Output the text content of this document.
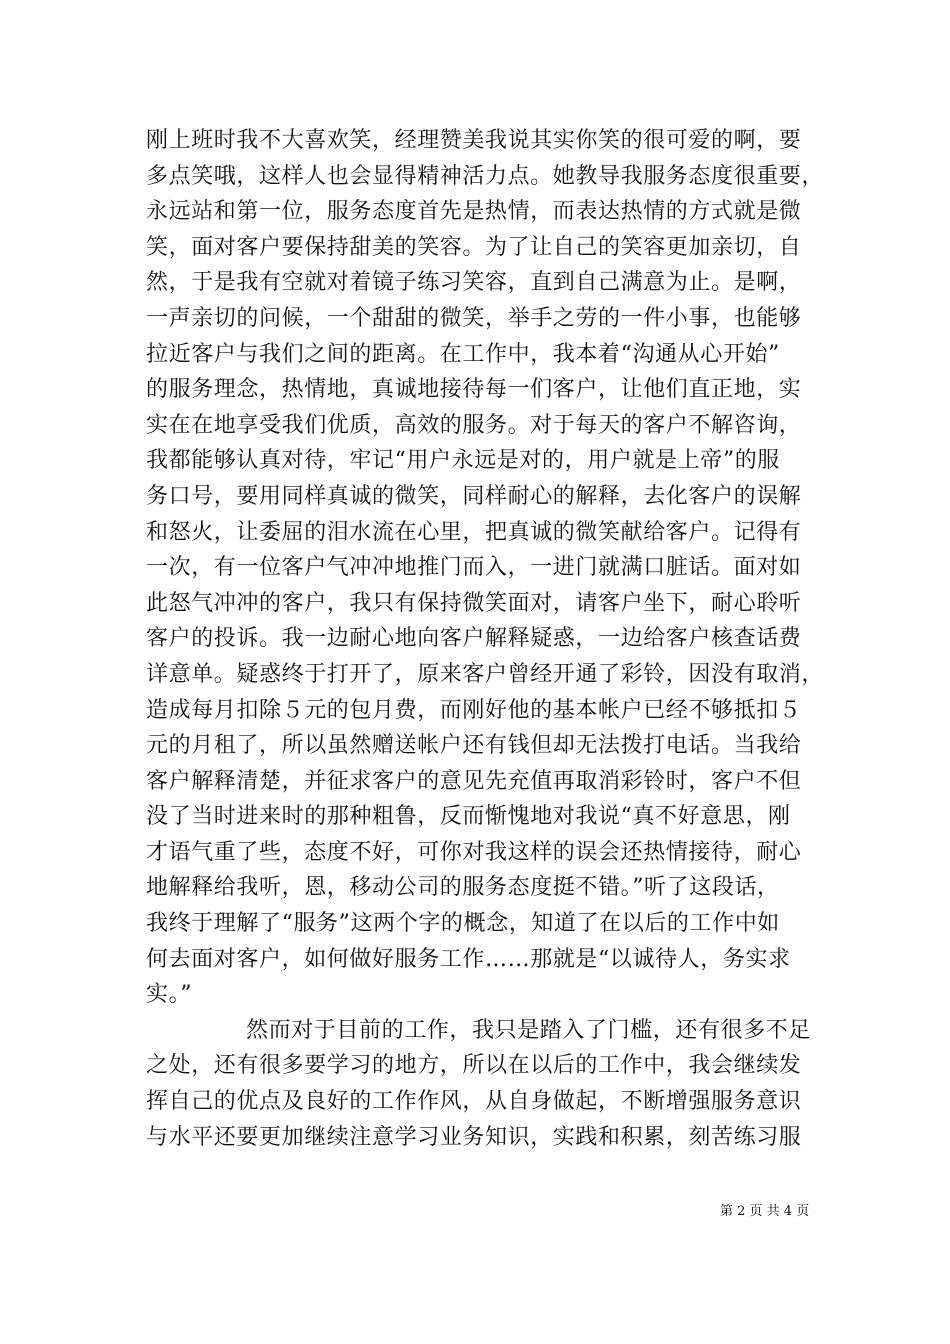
刚上班时我不大喜欢笑，经理赞美我说其实你笑的很可爱的啊，要
多点笑哦，这样人也会显得精神活力点。她教导我服务态度很重要，
永远站和第一位，服务态度首先是热情，而表达热情的方式就是微
笑，面对客户要保持甜美的笑容。为了让自己的笑容更加亲切，自
然，于是我有空就对着镜子练习笑容，直到自己满意为止。是啊，
一声亲切的问候，一个甜甜的微笑，举手之劳的一件小事，也能够
拉近客户与我们之间的距离。在工作中，我本着“沟通从心开始”
的服务理念，热情地，真诚地接待每一们客户，让他们直正地，实
实在在地享受我们优质，高效的服务。对于每天的客户不解咨询，
我都能够认真对待，牢记“用户永远是对的，用户就是上帝”的服
务口号，要用同样真诚的微笑，同样耐心的解释，去化客户的误解
和怒火，让委屈的泪水流在心里，把真诚的微笑献给客户。记得有
一次，有一位客户气冲冲地推门而入，一进门就满口脏话。面对如
此怒气冲冲的客户，我只有保持微笑面对，请客户坐下，耐心聆听
客户的投诉。我一边耐心地向客户解释疑惑，一边给客户核查话费
详意单。疑惑终于打开了，原来客户曾经开通了彩铃，因没有取消，
造成每月扣除５元的包月费，而刚好他的基本帐户已经不够抵扣５
元的月租了，所以虽然赠送帐户还有钱但却无法拨打电话。当我给
客户解释清楚，并征求客户的意见先充值再取消彩铃时，客户不但
没了当时进来时的那种粗鲁，反而惭愧地对我说“真不好意思，刚
才语气重了些，态度不好，可你对我这样的误会还热情接待，耐心
地解释给我听，恩，移动公司的服务态度挺不错。”听了这段话，
我终于理解了“服务”这两个字的概念，知道了在以后的工作中如
何去面对客户，如何做好服务工作……那就是“以诚待人，务实求
实。”
然而对于目前的工作，我只是踏入了门槛，还有很多不足
之处，还有很多要学习的地方，所以在以后的工作中，我会继续发
挥自己的优点及良好的工作作风，从自身做起，不断增强服务意识
与水平还要更加继续注意学习业务知识，实践和积累，刻苦练习服
第 2 页 共 4 页
